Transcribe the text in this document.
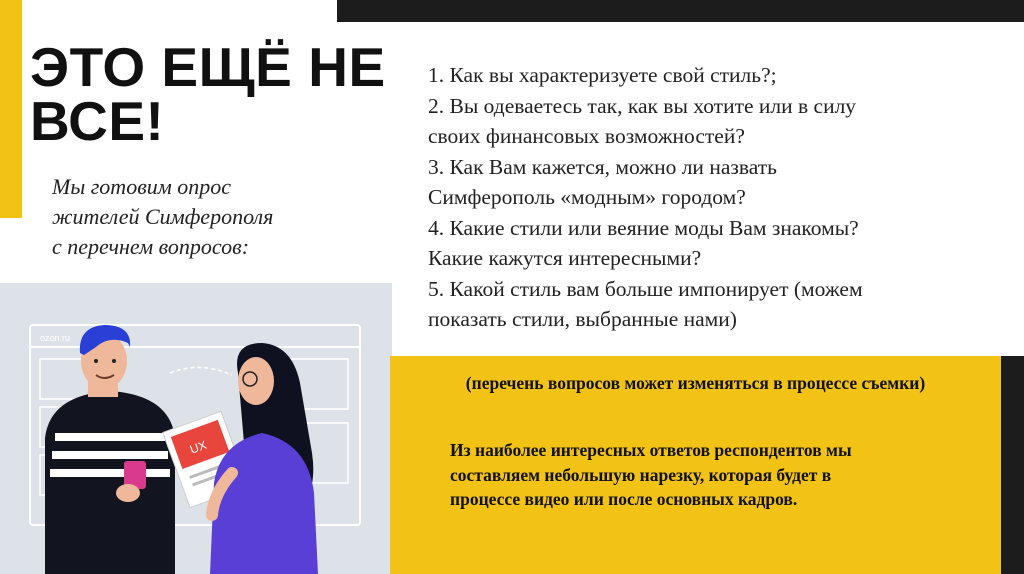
ЭТО ЕЩЁ НЕ
ВСЕ!
Мы готовим опрос
жителей Симферополя
с перечнем вопросов:
1. Как вы характеризуете свой стиль?;
2. Вы одеваетесь так, как вы хотите или в силу
своих финансовых возможностей?
3. Как Вам кажется, можно ли назвать
Симферополь «модным» городом?
4. Какие стили или веяние моды Вам знакомы?
Какие кажутся интересными?
5. Какой стиль вам больше импонирует (можем
показать стили, выбранные нами)
ozon.ru
UX
(перечень вопросов может изменяться в процессе съемки)
Из наиболее интересных ответов респондентов мы
составляем небольшую нарезку, которая будет в
процессе видео или после основных кадров.
